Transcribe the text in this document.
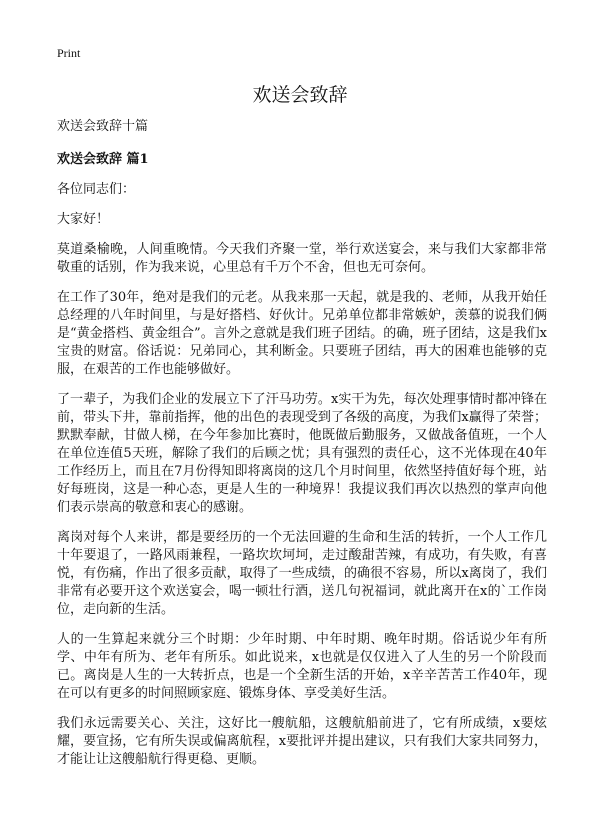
Print
欢送会致辞

欢送会致辞十篇

欢送会致辞 篇1

各位同志们：

大家好！

莫道桑榆晚，人间重晚情。今天我们齐聚一堂，举行欢送宴会，来与我们大家都非常敬重的话别，作为我来说，心里总有千万个不舍，但也无可奈何。

在工作了30年，绝对是我们的元老。从我来那一天起，就是我的、老师，从我开始任总经理的八年时间里，与是好搭档、好伙计。兄弟单位都非常嫉妒，羡慕的说我们俩是“黄金搭档、黄金组合”。言外之意就是我们班子团结。的确，班子团结，这是我们x宝贵的财富。俗话说：兄弟同心，其利断金。只要班子团结，再大的困难也能够的克服，在艰苦的工作也能够做好。

了一辈子，为我们企业的发展立下了汗马功劳。x实干为先，每次处理事情时都冲锋在前，带头下井，靠前指挥，他的出色的表现受到了各级的高度，为我们x赢得了荣誉；默默奉献，甘做人梯，在今年参加比赛时，他既做后勤服务，又做战备值班，一个人在单位连值5天班，解除了我们的后顾之忧；具有强烈的责任心，这不光体现在40年工作经历上，而且在7月份得知即将离岗的这几个月时间里，依然坚持值好每个班，站好每班岗，这是一种心态，更是人生的一种境界！我提议我们再次以热烈的掌声向他们表示崇高的敬意和衷心的感谢。

离岗对每个人来讲，都是要经历的一个无法回避的生命和生活的转折，一个人工作几十年要退了，一路风雨兼程，一路坎坎坷坷，走过酸甜苦辣，有成功，有失败，有喜悦，有伤痛，作出了很多贡献，取得了一些成绩，的确很不容易，所以x离岗了，我们非常有必要开这个欢送宴会，喝一顿壮行酒，送几句祝福词，就此离开在x的`工作岗位，走向新的生活。

人的一生算起来就分三个时期：少年时期、中年时期、晚年时期。俗话说少年有所学、中年有所为、老年有所乐。如此说来，x也就是仅仅进入了人生的另一个阶段而已。离岗是人生的一大转折点，也是一个全新生活的开始，x辛辛苦苦工作40年，现在可以有更多的时间照顾家庭、锻炼身体、享受美好生活。

我们永远需要关心、关注，这好比一艘航船，这艘航船前进了，它有所成绩，x要炫耀，要宣扬，它有所失误或偏离航程，x要批评并提出建议，只有我们大家共同努力，才能让让这艘船航行得更稳、更顺。
